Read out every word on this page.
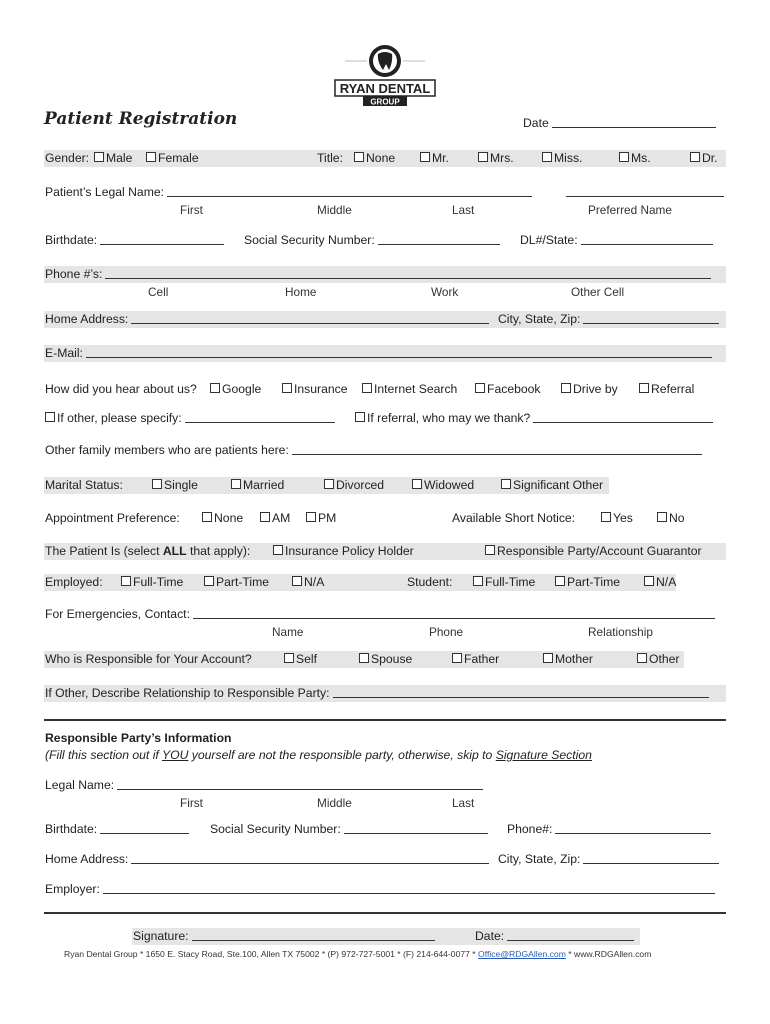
RYAN DENTAL
GROUP
Patient Registration	Date
Gender:	Male	Female	Title:	None	Mr.	Mrs.	Miss.	Ms.	Dr.
Patient’s Legal Name:
First	Middle	Last	Preferred Name
Birthdate:	Social Security Number:	DL#/State:
Phone #’s:
Cell	Home	Work	Other Cell
Home Address:	City, State, Zip:
E-Mail:
How did you hear about us?	Google	Insurance	Internet Search	Facebook	Drive by	Referral
If other, please specify:	If referral, who may we thank?
Other family members who are patients here:
Marital Status:	Single	Married	Divorced	Widowed	Significant Other
Appointment Preference:	None	AM	PM	Available Short Notice:	Yes	No
The Patient Is (select ALL that apply):	Insurance Policy Holder	Responsible Party/Account Guarantor
Employed:	Full-Time	Part-Time	N/A	Student:	Full-Time	Part-Time	N/A
For Emergencies, Contact:
Name	Phone	Relationship
Who is Responsible for Your Account?	Self	Spouse	Father	Mother	Other
If Other, Describe Relationship to Responsible Party:
Responsible Party’s Information
(Fill this section out if YOU yourself are not the responsible party, otherwise, skip to Signature Section
Legal Name:
First	Middle	Last
Birthdate:	Social Security Number:	Phone#:
Home Address:	City, State, Zip:
Employer:
Signature:	Date:
Ryan Dental Group * 1650 E. Stacy Road, Ste.100, Allen TX 75002 * (P) 972-727-5001 * (F) 214-644-0077 * Office@RDGAllen.com * www.RDGAllen.com
